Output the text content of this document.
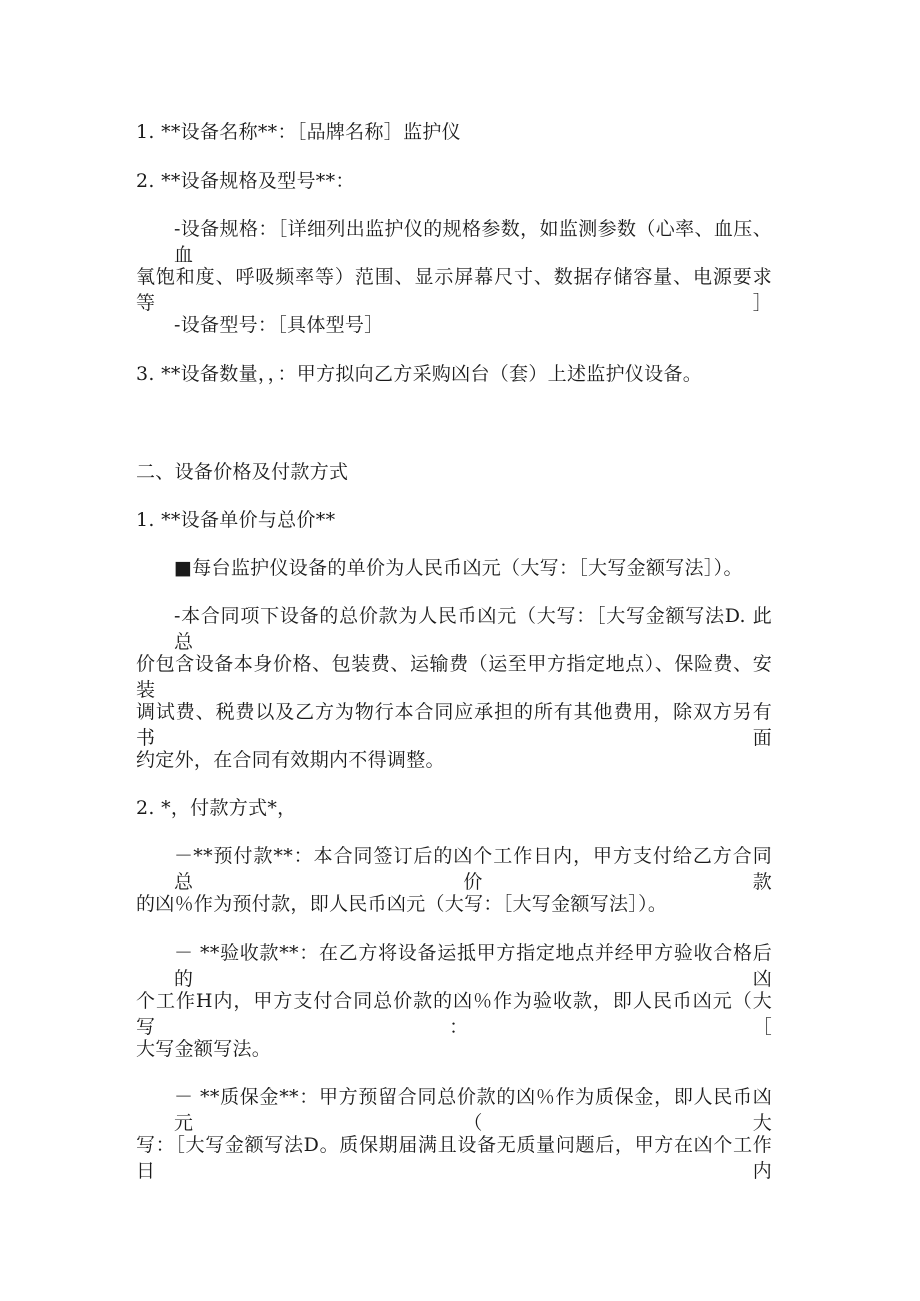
1. **设备名称**：［品牌名称］监护仪
2. **设备规格及型号**：
-设备规格：［详细列出监护仪的规格参数，如监测参数（心率、血压、血
氧饱和度、呼吸频率等）范围、显示屏幕尺寸、数据存储容量、电源要求等］
-设备型号：［具体型号］
3. **设备数量，，：甲方拟向乙方采购凶台（套）上述监护仪设备。
二、设备价格及付款方式
1. **设备单价与总价**
■每台监护仪设备的单价为人民币凶元（大写：［大写金额写法］）。
-本合同项下设备的总价款为人民币凶元（大写：［大写金额写法D. 此总
价包含设备本身价格、包装费、运输费（运至甲方指定地点）、保险费、安装
调试费、税费以及乙方为物行本合同应承担的所有其他费用，除双方另有书面
约定外，在合同有效期内不得调整。
2. *，付款方式*，
－**预付款**：本合同签订后的凶个工作日内，甲方支付给乙方合同总价款
的凶％作为预付款，即人民币凶元（大写：［大写金额写法］）。
－ **验收款**：在乙方将设备运抵甲方指定地点并经甲方验收合格后的凶
个工作H内，甲方支付合同总价款的凶％作为验收款，即人民币凶元（大写：［
大写金额写法。
－ **质保金**：甲方预留合同总价款的凶％作为质保金，即人民币凶元（大
写：［大写金额写法D。质保期届满且设备无质量问题后，甲方在凶个工作日内
